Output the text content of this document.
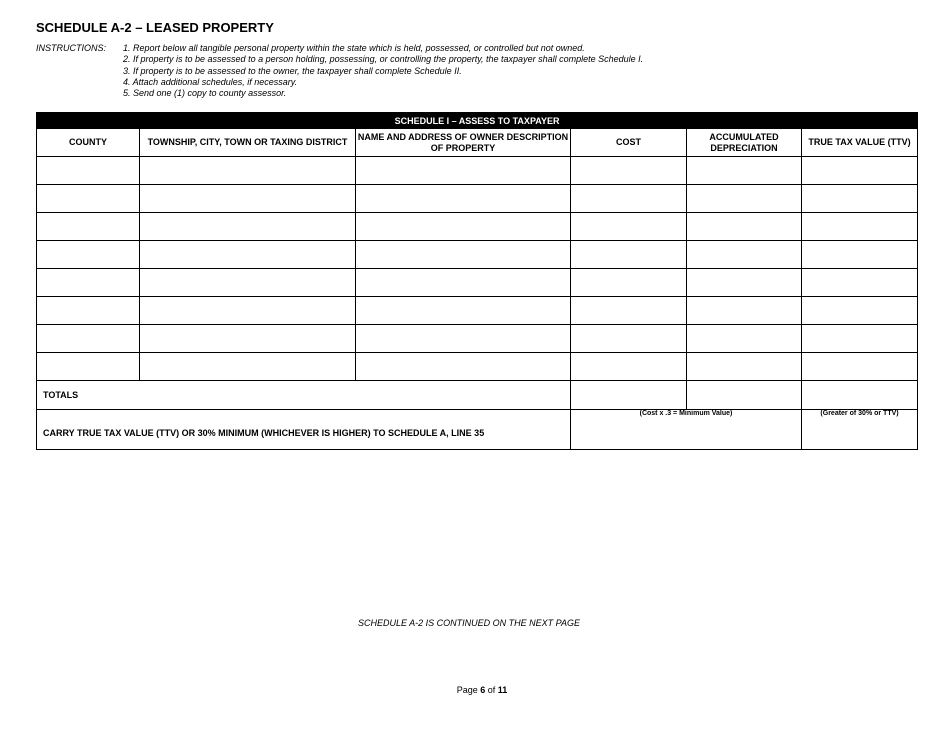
SCHEDULE A-2 – LEASED PROPERTY
INSTRUCTIONS: 1. Report below all tangible personal property within the state which is held, possessed, or controlled but not owned.
2. If property is to be assessed to a person holding, possessing, or controlling the property, the taxpayer shall complete Schedule I.
3. If property is to be assessed to the owner, the taxpayer shall complete Schedule II.
4. Attach additional schedules, if necessary.
5. Send one (1) copy to county assessor.
SCHEDULE I – ASSESS TO TAXPAYER					
COUNTY	TOWNSHIP, CITY, TOWN OR TAXING DISTRICT	NAME AND ADDRESS OF OWNER DESCRIPTION OF PROPERTY	COST	ACCUMULATED DEPRECIATION	TRUE TAX VALUE (TTV)

TOTALS					
CARRY TRUE TAX VALUE (TTV) OR 30% MINIMUM (WHICHEVER IS HIGHER) TO SCHEDULE A, LINE 35			(Cost x .3 = Minimum Value)		(Greater of 30% or TTV)
SCHEDULE A-2 IS CONTINUED ON THE NEXT PAGE
Page 6 of 11
